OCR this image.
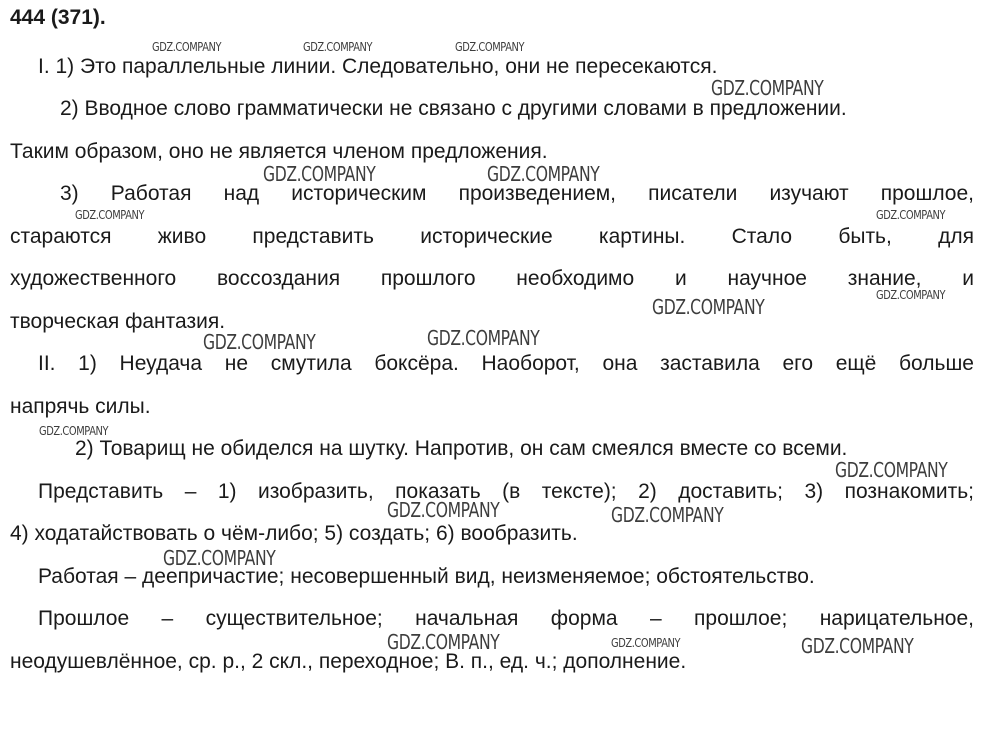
444 (371).
I. 1) Это параллельные линии. Следовательно, они не пересекаются.
2) Вводное слово грамматически не связано с другими словами в предложении.
Таким образом, оно не является членом предложения.
3) Работая над историческим произведением, писатели изучают прошлое,
стараются живо представить исторические картины. Стало быть, для
художественного воссоздания прошлого необходимо и научное знание, и
творческая фантазия.
II. 1) Неудача не смутила боксёра. Наоборот, она заставила его ещё больше
напрячь силы.
2) Товарищ не обиделся на шутку. Напротив, он сам смеялся вместе со всеми.
Представить – 1) изобразить, показать (в тексте); 2) доставить; 3) познакомить;
4) ходатайствовать о чём-либо; 5) создать; 6) вообразить.
Работая – деепричастие; несовершенный вид, неизменяемое; обстоятельство.
Прошлое – существительное; начальная форма – прошлое; нарицательное,
неодушевлённое, ср. р., 2 скл., переходное; В. п., ед. ч.; дополнение.
GDZ.COMPANY	GDZ.COMPANY	GDZ.COMPANY
GDZ.COMPANY
GDZ.COMPANY	GDZ.COMPANY
GDZ.COMPANY	GDZ.COMPANY
GDZ.COMPANY
GDZ.COMPANY
GDZ.COMPANY	GDZ.COMPANY
GDZ.COMPANY
GDZ.COMPANY
GDZ.COMPANY	GDZ.COMPANY
GDZ.COMPANY
GDZ.COMPANY	GDZ.COMPANY	GDZ.COMPANY
